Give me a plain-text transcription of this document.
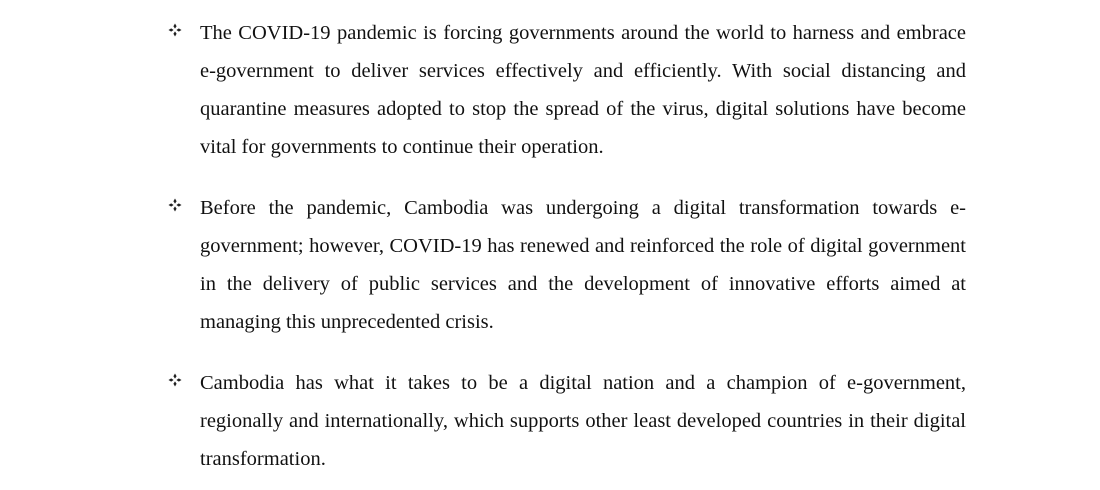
The COVID-19 pandemic is forcing governments around the world to harness and embrace e-government to deliver services effectively and efficiently. With social distancing and quarantine measures adopted to stop the spread of the virus, digital solutions have become vital for governments to continue their operation.

Before the pandemic, Cambodia was undergoing a digital transformation towards e-government; however, COVID-19 has renewed and reinforced the role of digital government in the delivery of public services and the development of innovative efforts aimed at managing this unprecedented crisis.

Cambodia has what it takes to be a digital nation and a champion of e-government, regionally and internationally, which supports other least developed countries in their digital transformation.
